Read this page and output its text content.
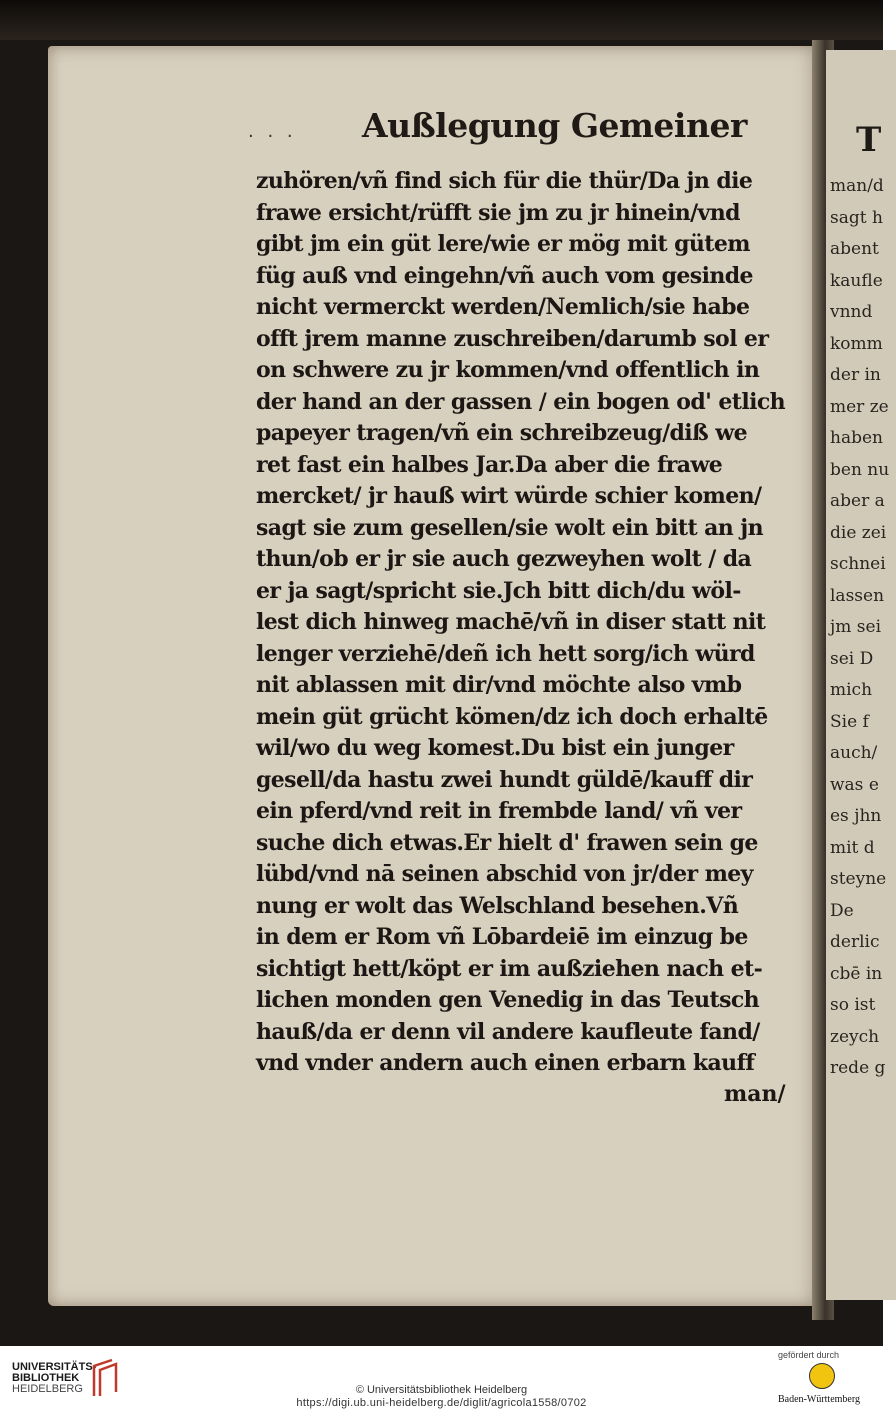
T
man/d
sagt h
abent
kaufle
vnnd
komm
der in
mer ze
haben
ben nu
aber a
die zei
schnei
lassen
jm sei
sei D
mich
Sie f
auch/
was e
es jhn
mit d
steyne
De
derlic
cbē in
so ist
zeych
rede g
· · · Außlegung Gemeiner
zuhören/vñ find sich für die thür/Da jn die
frawe ersicht/rüfft sie jm zu jr hinein/vnd
gibt jm ein güt lere/wie er mög mit gütem
füg auß vnd eingehn/vñ auch vom gesinde
nicht vermerckt werden/Nemlich/sie habe
offt jrem manne zuschreiben/darumb sol er
on schwere zu jr kommen/vnd offentlich in
der hand an der gassen / ein bogen od' etlich
papeyer tragen/vñ ein schreibzeug/diß we
ret fast ein halbes Jar.Da aber die frawe
mercket/ jr hauß wirt würde schier komen/
sagt sie zum gesellen/sie wolt ein bitt an jn
thun/ob er jr sie auch gezweyhen wolt / da
er ja sagt/spricht sie.Jch bitt dich/du wöl-
lest dich hinweg machē/vñ in diser statt nit
lenger verziehē/deñ ich hett sorg/ich würd
nit ablassen mit dir/vnd möchte also vmb
mein güt grücht kömen/dz ich doch erhaltē
wil/wo du weg komest.Du bist ein junger
gesell/da hastu zwei hundt güldē/kauff dir
ein pferd/vnd reit in frembde land/ vñ ver
suche dich etwas.Er hielt d' frawen sein ge
lübd/vnd nā seinen abschid von jr/der mey
nung er wolt das Welschland besehen.Vñ
in dem er Rom vñ Lōbardeiē im einzug be
sichtigt hett/köpt er im außziehen nach et-
lichen monden gen Venedig in das Teutsch
hauß/da er denn vil andere kaufleute fand/
vnd vnder andern auch einen erbarn kauff
man/
UNIVERSITÄTS-
BIBLIOTHEK
HEIDELBERG	© Universitätsbibliothek Heidelberg
https://digi.ub.uni-heidelberg.de/diglit/agricola1558/0702
gefördert durch
Baden-Württemberg
